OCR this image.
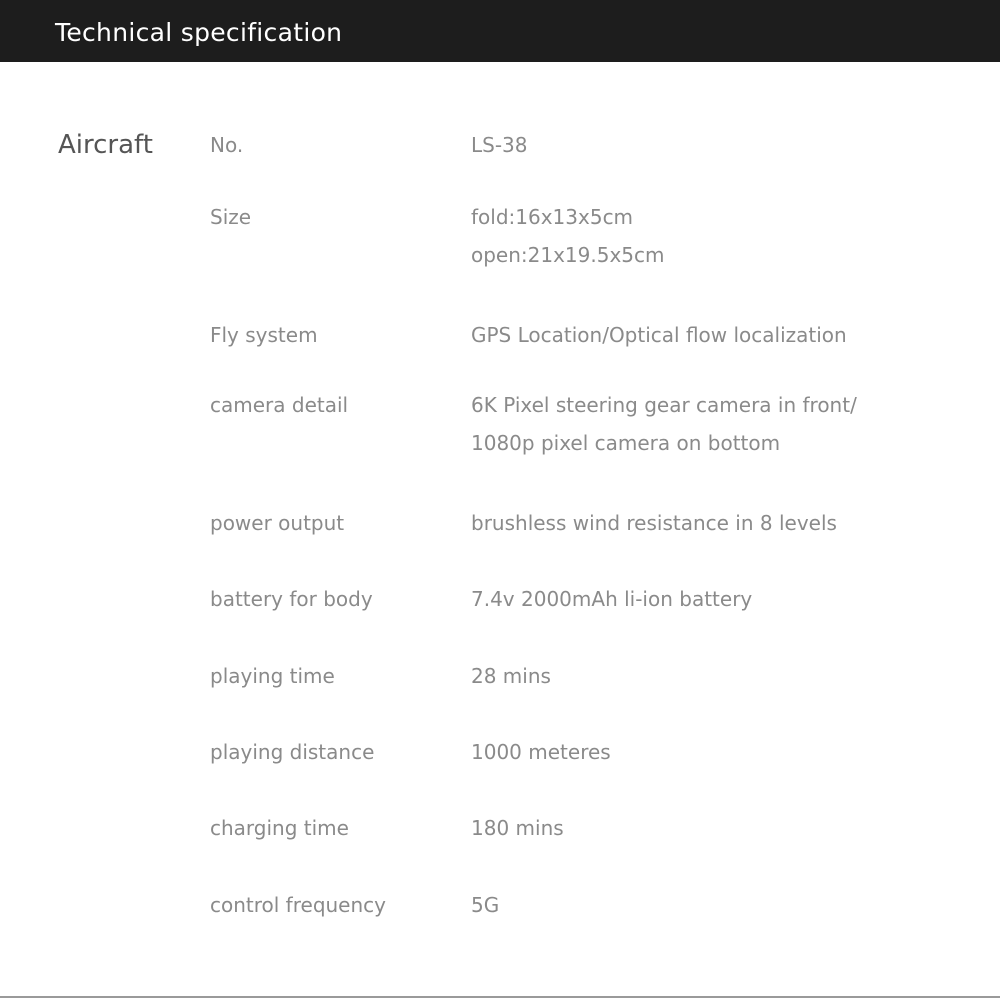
Technical specification
Aircraft	No.	LS-38
Size	fold:16x13x5cm
open:21x19.5x5cm
Fly system	GPS Location/Optical flow localization
camera detail	6K Pixel steering gear camera in front/
1080p pixel camera on bottom
power output	brushless wind resistance in 8 levels
battery for body	7.4v 2000mAh li-ion battery
playing time	28 mins
playing distance	1000 meteres
charging time	180 mins
control frequency	5G
